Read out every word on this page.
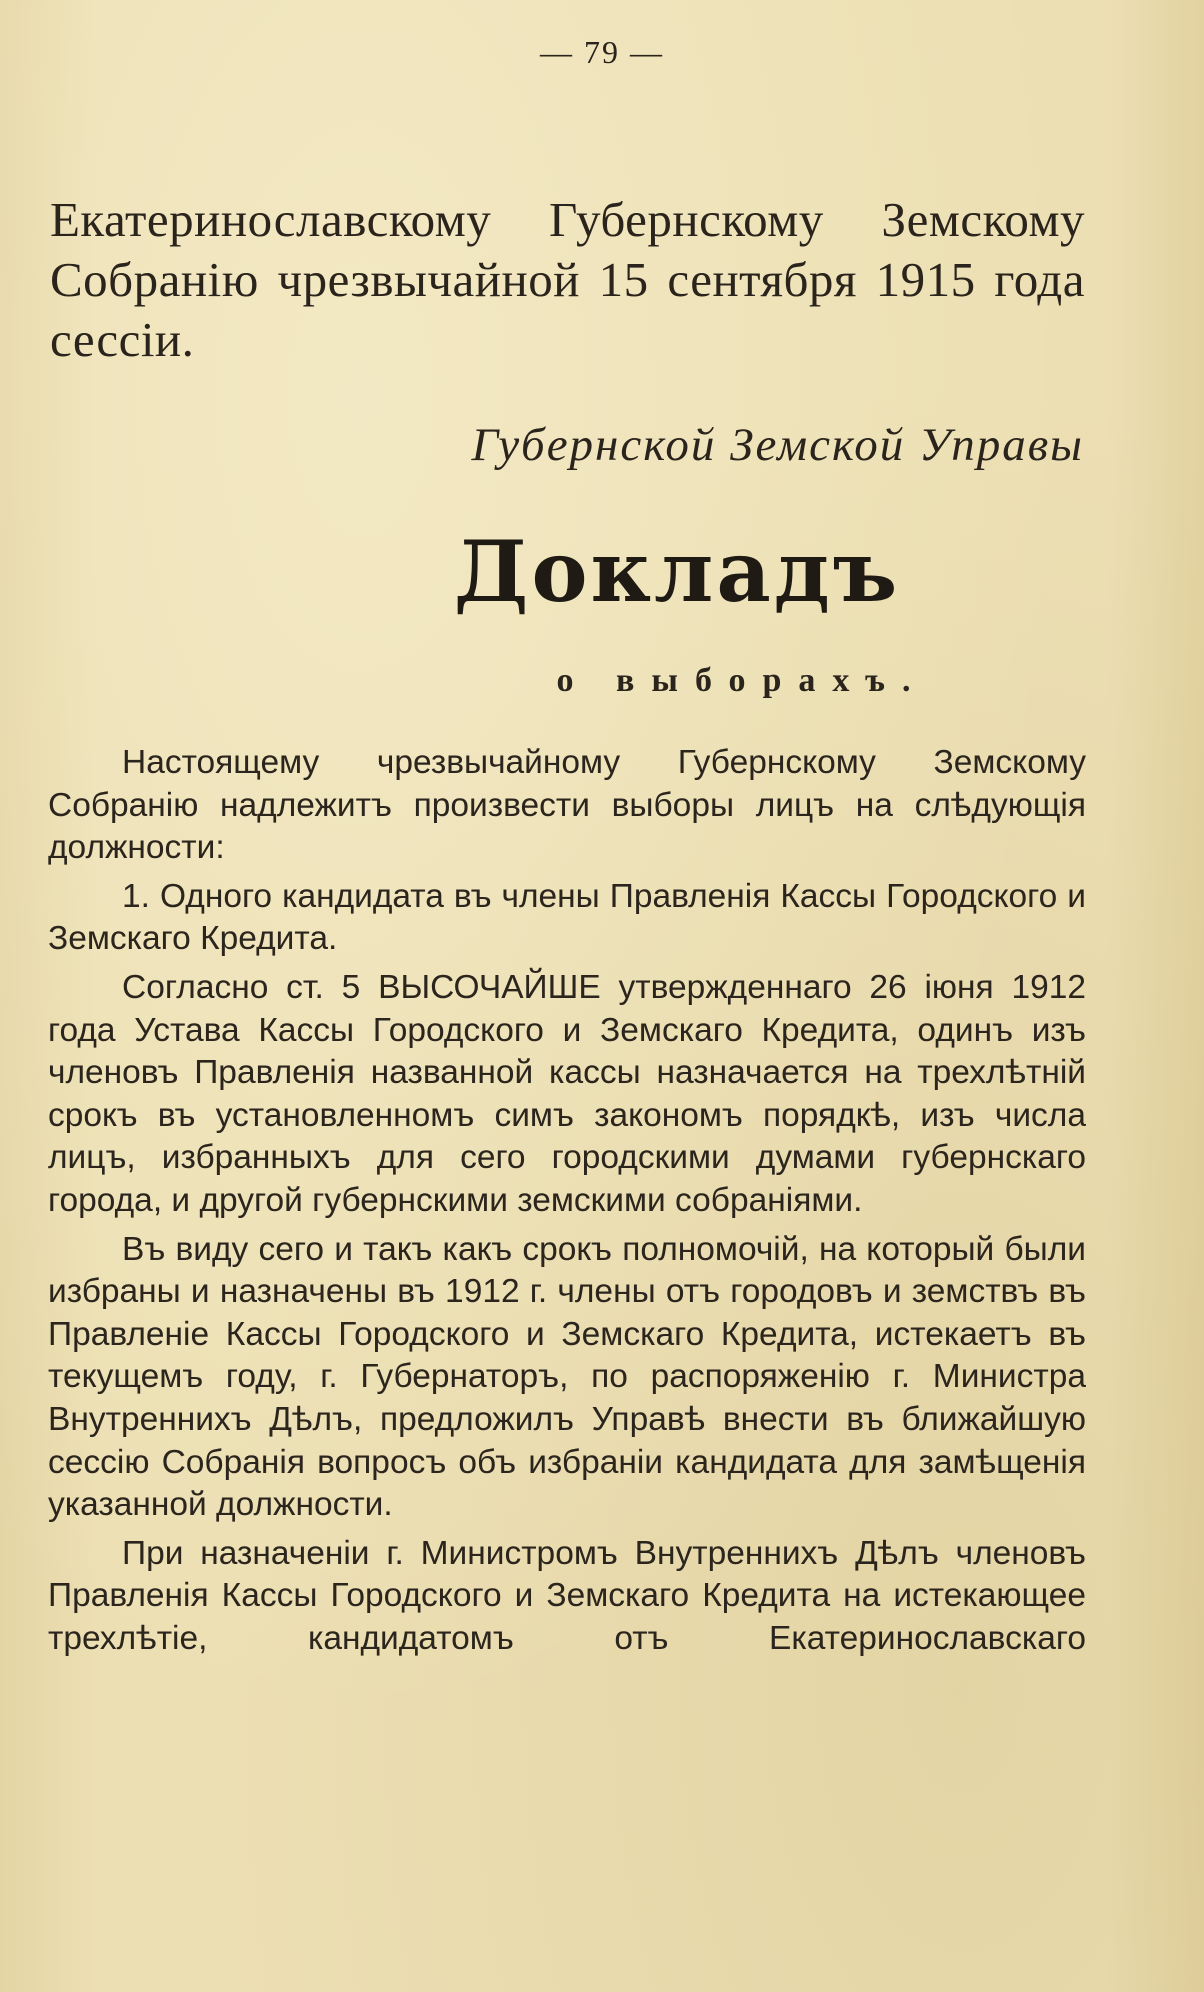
— 79 —
Екатеринославскому Губернскому Земскому Собранію чрезвычайной 15 сентября 1915 года сессіи.
Губернской Земской Управы
Докладъ
о выборахъ.

Настоящему чрезвычайному Губернскому Земскому Собранію надлежитъ произвести выборы лицъ на слѣдующія должности:

1. Одного кандидата въ члены Правленія Кассы Городского и Земскаго Кредита.

Согласно ст. 5 ВЫСОЧАЙШЕ утвержденнаго 26 іюня 1912 года Устава Кассы Городского и Земскаго Кредита, одинъ изъ членовъ Правленія названной кассы назначается на трехлѣтній срокъ въ установленномъ симъ закономъ порядкѣ, изъ числа лицъ, избранныхъ для сего городскими думами губернскаго города, и другой губернскими земскими собраніями.

Въ виду сего и такъ какъ срокъ полномочій, на который были избраны и назначены въ 1912 г. члены отъ городовъ и земствъ въ Правленіе Кассы Городского и Земскаго Кредита, истекаетъ въ текущемъ году, г. Губернаторъ, по распоряженію г. Министра Внутреннихъ Дѣлъ, предложилъ Управѣ внести въ ближайшую сессію Собранія вопросъ объ избраніи кандидата для замѣщенія указанной должности.

При назначеніи г. Министромъ Внутреннихъ Дѣлъ членовъ Правленія Кассы Городского и Земскаго Кредита на истекающее трехлѣтіе, кандидатомъ отъ Екатеринославскаго
